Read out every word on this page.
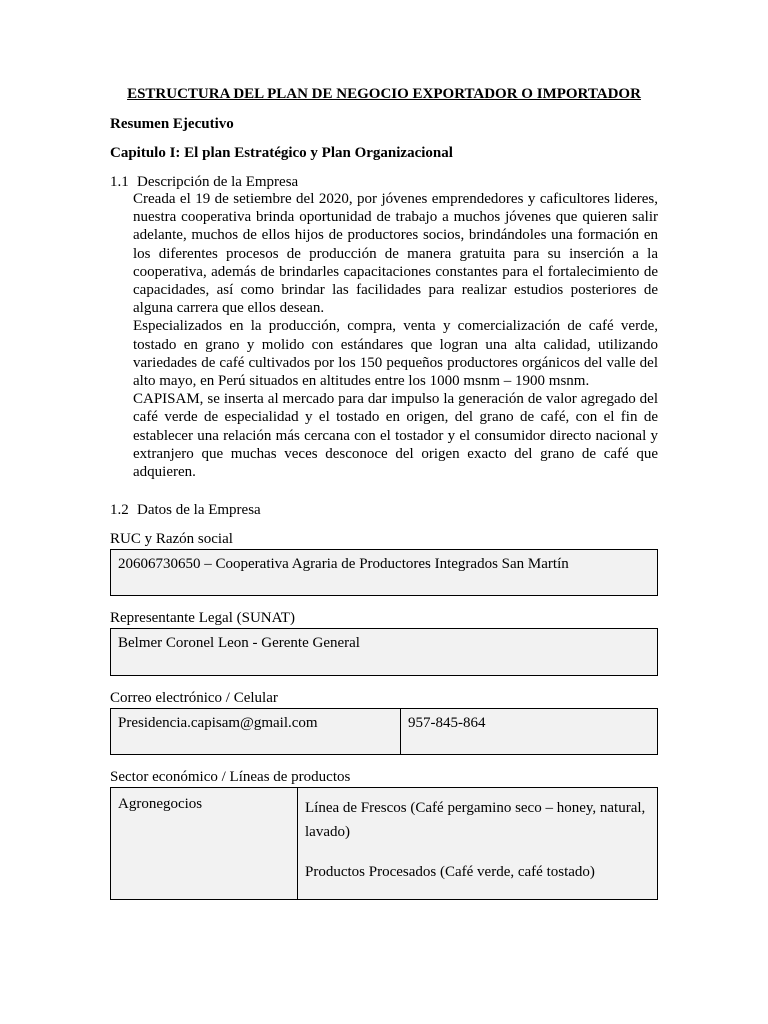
ESTRUCTURA DEL PLAN DE NEGOCIO EXPORTADOR O IMPORTADOR
Resumen Ejecutivo
Capitulo I: El plan Estratégico y Plan Organizacional
1.1 Descripción de la Empresa

Creada el 19 de setiembre del 2020, por jóvenes emprendedores y caficultores lideres, nuestra cooperativa brinda oportunidad de trabajo a muchos jóvenes que quieren salir adelante, muchos de ellos hijos de productores socios, brindándoles una formación en los diferentes procesos de producción de manera gratuita para su inserción a la cooperativa, además de brindarles capacitaciones constantes para el fortalecimiento de capacidades, así como brindar las facilidades para realizar estudios posteriores de alguna carrera que ellos desean.

Especializados en la producción, compra, venta y comercialización de café verde, tostado en grano y molido con estándares que logran una alta calidad, utilizando variedades de café cultivados por los 150 pequeños productores orgánicos del valle del alto mayo, en Perú situados en altitudes entre los 1000 msnm – 1900 msnm.

CAPISAM, se inserta al mercado para dar impulso la generación de valor agregado del café verde de especialidad y el tostado en origen, del grano de café, con el fin de establecer una relación más cercana con el tostador y el consumidor directo nacional y extranjero que muchas veces desconoce del origen exacto del grano de café que adquieren.

1.2 Datos de la Empresa
RUC y Razón social
20606730650 – Cooperativa Agraria de Productores Integrados San Martín
Representante Legal (SUNAT)
Belmer Coronel Leon - Gerente General
Correo electrónico / Celular
Presidencia.capisam@gmail.com	957-845-864
Sector económico / Líneas de productos
Agronegocios	Línea de Frescos (Café pergamino seco – honey, natural, lavado)

Productos Procesados (Café verde, café tostado)
